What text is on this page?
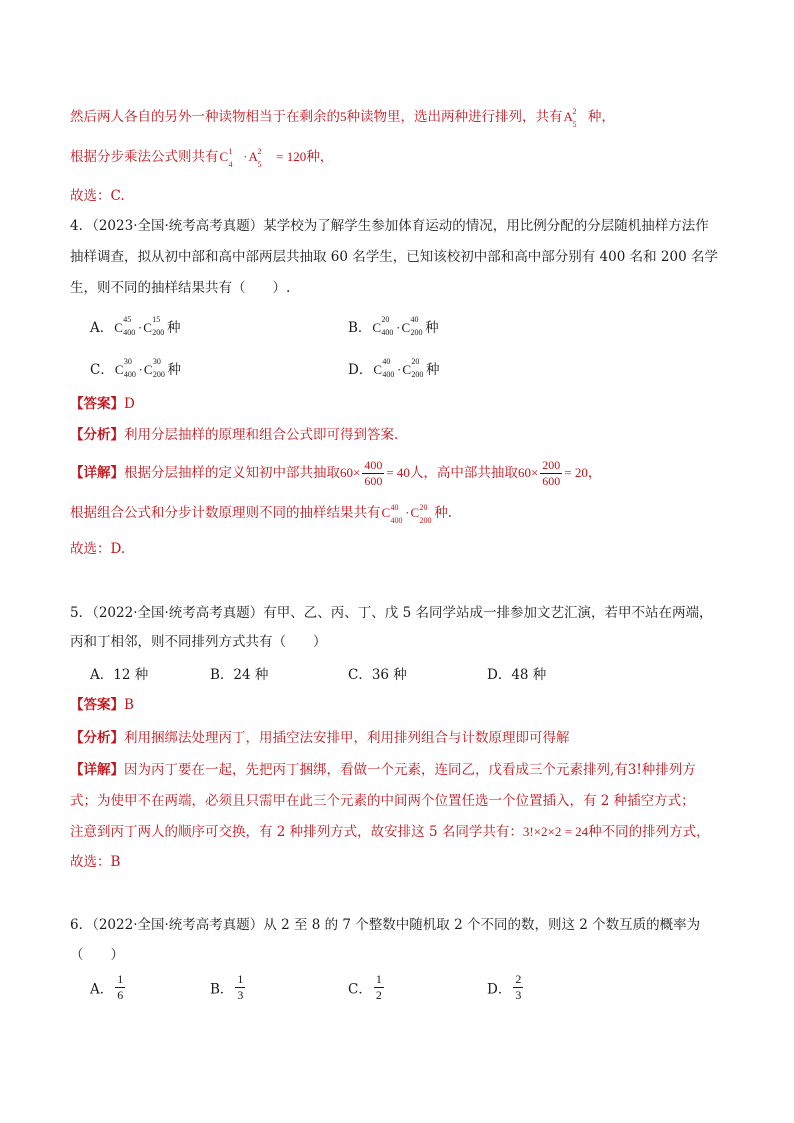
然后两人各自的另外一种读物相当于在剩余的5种读物里，选出两种进行排列，共有A 2
5 种，
根据分步乘法公式则共有C 1
4
·A 2
5
= 120种，
故选：C.
4．（2023·全国·统考高考真题）某学校为了解学生参加体育运动的情况，用比例分配的分层随机抽样方法作
抽样调查，拟从初中部和高中部两层共抽取 60 名学生，已知该校初中部和高中部分别有 400 名和 200 名学
生，则不同的抽样结果共有（　　）.
A．C
45
400 ·C
15
200 种	B．C
20
400 ·C
40
200 种
C．C
30
400 ·C
30
200 种	D．C
40
400 ·C
20
200 种
【答案】D
【分析】利用分层抽样的原理和组合公式即可得到答案.
【详解】根据分层抽样的定义知初中部共抽取$60\times \frac{400}{600} = 40$人，高中部共抽取$60\times \frac{200}{600} = 20$，
根据组合公式和分步计数原理则不同的抽样结果共有C 40
400
·C 20
200 种.
故选：D.
5．（2022·全国·统考高考真题）有甲、乙、丙、丁、戊 5 名同学站成一排参加文艺汇演，若甲不站在两端，
丙和丁相邻，则不同排列方式共有（　　）
A．12 种	B．24 种	C．36 种	D．48 种
【答案】B
【分析】利用捆绑法处理丙丁，用插空法安排甲，利用排列组合与计数原理即可得解
【详解】因为丙丁要在一起，先把丙丁捆绑，看做一个元素，连同乙，戊看成三个元素排列,有3!种排列方
式；为使甲不在两端，必须且只需甲在此三个元素的中间两个位置任选一个位置插入，有 2 种插空方式；
注意到丙丁两人的顺序可交换，有 2 种排列方式，故安排这 5 名同学共有：3!×2×2 = 24种不同的排列方式，
故选：B
6．（2022·全国·统考高考真题）从 2 至 8 的 7 个整数中随机取 2 个不同的数，则这 2 个数互质的概率为
（　　）
A． $\frac{1}{6}$	B． $\frac{1}{3}$	C． $\frac{1}{2}$	D． $\frac{2}{3}$
